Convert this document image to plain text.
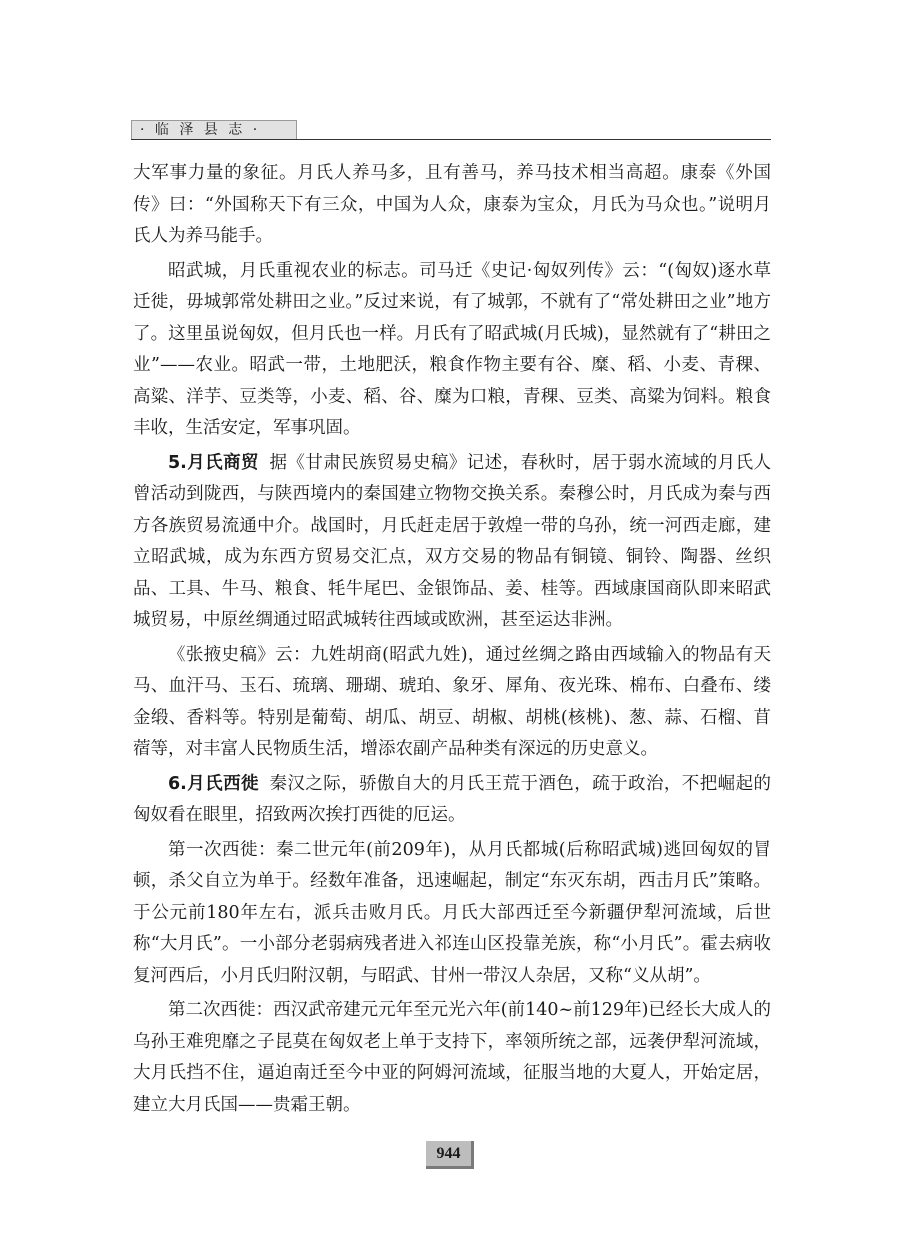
· 临 泽 县 志 ·

大军事力量的象征。月氏人养马多，且有善马，养马技术相当高超。康泰《外国传》曰：“外国称天下有三众，中国为人众，康泰为宝众，月氏为马众也。”说明月氏人为养马能手。

昭武城，月氏重视农业的标志。司马迁《史记·匈奴列传》云：“(匈奴)逐水草迁徙，毋城郭常处耕田之业。”反过来说，有了城郭，不就有了“常处耕田之业”地方了。这里虽说匈奴，但月氏也一样。月氏有了昭武城(月氏城)，显然就有了“耕田之业”——农业。昭武一带，土地肥沃，粮食作物主要有谷、糜、稻、小麦、青稞、高粱、洋芋、豆类等，小麦、稻、谷、糜为口粮，青稞、豆类、高粱为饲料。粮食丰收，生活安定，军事巩固。

5.月氏商贸 据《甘肃民族贸易史稿》记述，春秋时，居于弱水流域的月氏人曾活动到陇西，与陕西境内的秦国建立物物交换关系。秦穆公时，月氏成为秦与西方各族贸易流通中介。战国时，月氏赶走居于敦煌一带的乌孙，统一河西走廊，建立昭武城，成为东西方贸易交汇点，双方交易的物品有铜镜、铜铃、陶器、丝织品、工具、牛马、粮食、牦牛尾巴、金银饰品、姜、桂等。西域康国商队即来昭武城贸易，中原丝绸通过昭武城转往西域或欧洲，甚至运达非洲。

《张掖史稿》云：九姓胡商(昭武九姓)，通过丝绸之路由西域输入的物品有天马、血汗马、玉石、琉璃、珊瑚、琥珀、象牙、犀角、夜光珠、棉布、白叠布、缕金缎、香料等。特别是葡萄、胡瓜、胡豆、胡椒、胡桃(核桃)、葱、蒜、石榴、苜蓿等，对丰富人民物质生活，增添农副产品种类有深远的历史意义。

6.月氏西徙 秦汉之际，骄傲自大的月氏王荒于酒色，疏于政治，不把崛起的匈奴看在眼里，招致两次挨打西徙的厄运。

第一次西徙：秦二世元年(前209年)，从月氏都城(后称昭武城)逃回匈奴的冒顿，杀父自立为单于。经数年准备，迅速崛起，制定“东灭东胡，西击月氏”策略。于公元前180年左右，派兵击败月氏。月氏大部西迁至今新疆伊犁河流域，后世称“大月氏”。一小部分老弱病残者进入祁连山区投靠羌族，称“小月氏”。霍去病收复河西后，小月氏归附汉朝，与昭武、甘州一带汉人杂居，又称“义从胡”。

第二次西徙：西汉武帝建元元年至元光六年(前140~前129年)已经长大成人的乌孙王难兜靡之子昆莫在匈奴老上单于支持下，率领所统之部，远袭伊犁河流域，大月氏挡不住，逼迫南迁至今中亚的阿姆河流域，征服当地的大夏人，开始定居，建立大月氏国——贵霜王朝。

944
